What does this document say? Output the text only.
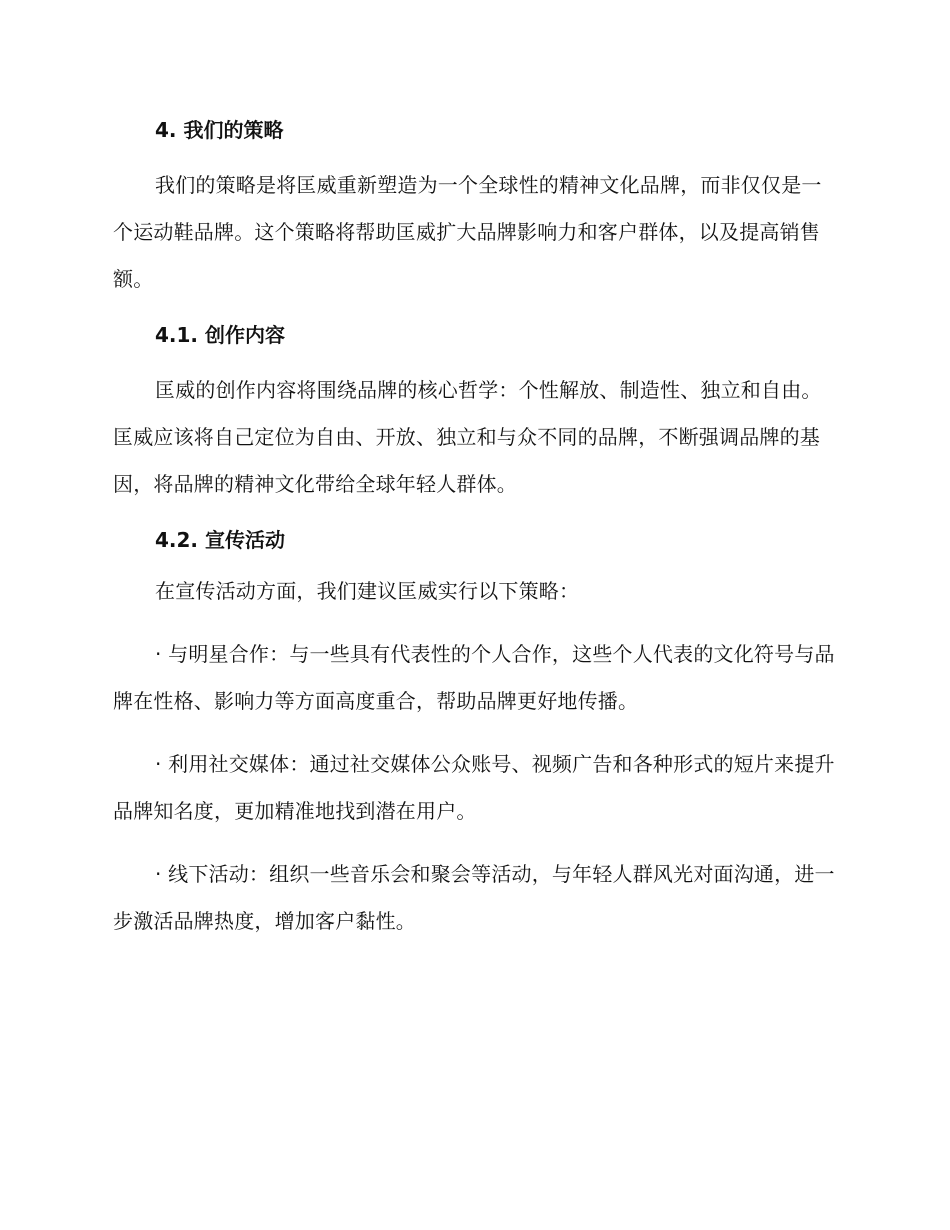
4. 我们的策略

我们的策略是将匡威重新塑造为一个全球性的精神文化品牌，而非仅仅是一个运动鞋品牌。这个策略将帮助匡威扩大品牌影响力和客户群体，以及提高销售额。

4.1. 创作内容

匡威的创作内容将围绕品牌的核心哲学：个性解放、制造性、独立和自由。匡威应该将自己定位为自由、开放、独立和与众不同的品牌，不断强调品牌的基因，将品牌的精神文化带给全球年轻人群体。

4.2. 宣传活动

在宣传活动方面，我们建议匡威实行以下策略：

· 与明星合作：与一些具有代表性的个人合作，这些个人代表的文化符号与品牌在性格、影响力等方面高度重合，帮助品牌更好地传播。

· 利用社交媒体：通过社交媒体公众账号、视频广告和各种形式的短片来提升品牌知名度，更加精准地找到潜在用户。

· 线下活动：组织一些音乐会和聚会等活动，与年轻人群风光对面沟通，进一步激活品牌热度，增加客户黏性。
